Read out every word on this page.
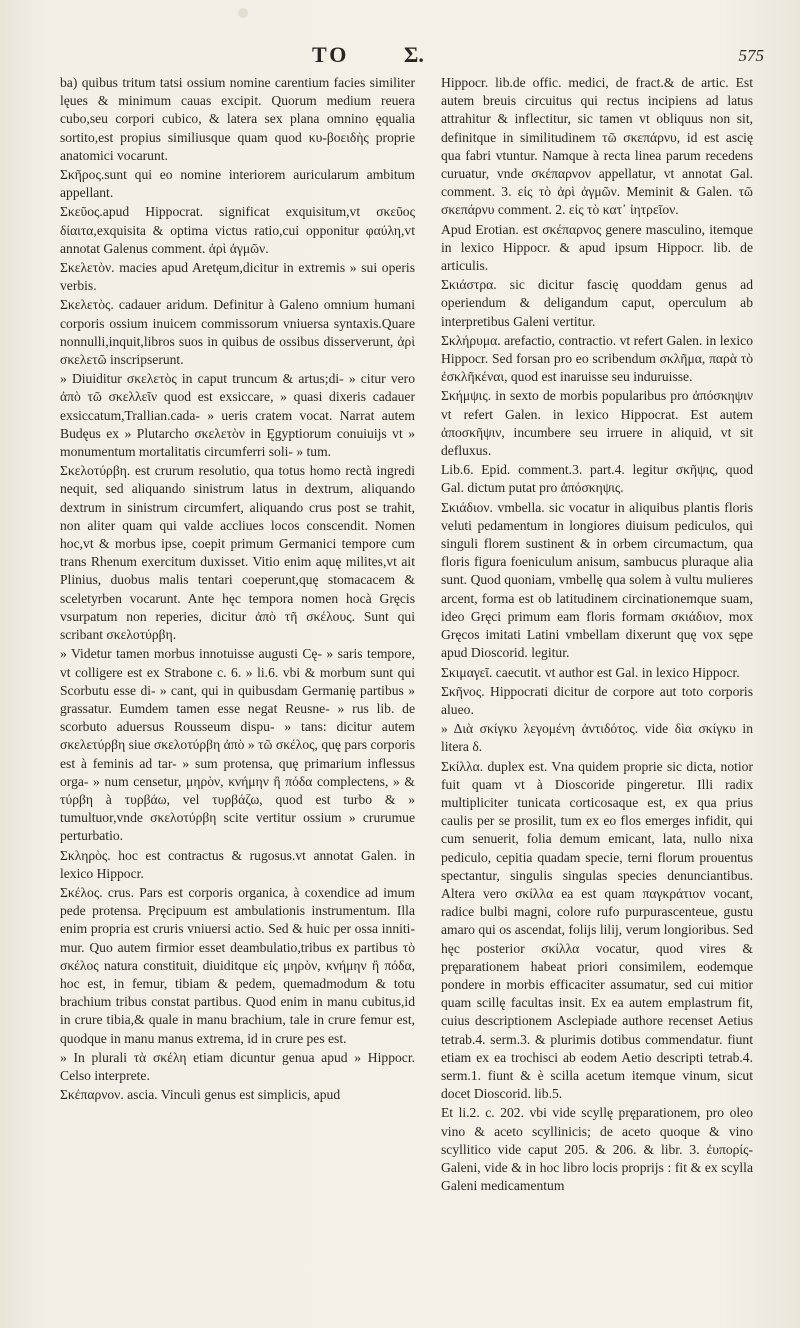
TO Σ.	575

ba) quibus tritum tatsi ossium nomine carentium facies similiter lęues & minimum cauas excipit. Quorum medium reuera cubo,seu corpori cubico, & latera sex plana omnino ęqualia sortito,est propius similiusque quam quod κυ-βοειδὴς proprie anatomici vocarunt.

Σκῆρος.sunt qui eo nomine interiorem auricularum ambitum appellant.

Σκεῦος.apud Hippocrat. significat exquisitum,vt σκεῦος δίαιτα,exquisita & optima victus ratio,cui opponitur φαύλη,vt annotat Galenus comment. ἀρὶ ἀγμῶν.

Σκελετὸν. macies apud Aretęum,dicitur in extremis » sui operis verbis.

Σκελετὸς. cadauer aridum. Definitur à Galeno omnium humani corporis ossium inuicem commissorum vniuersa syntaxis.Quare nonnulli,inquit,libros suos in quibus de ossibus disserverunt, ἀρὶ σκελετῶ inscripserunt.

» Diuiditur σκελετὸς in caput truncum & artus;di- » citur vero ἀπὸ τῶ σκελλεῖν quod est exsiccare, » quasi dixeris cadauer exsiccatum,Trallian.cada- » ueris cratem vocat. Narrat autem Budęus ex » Plutarcho σκελετὸν in Ęgyptiorum conuiuijs vt » monumentum mortalitatis circumferri soli- » tum.

Σκελοτύρβη. est crurum resolutio, qua totus homo rectà ingredi nequit, sed aliquando sinistrum latus in dextrum, aliquando dextrum in sinistrum circumfert, aliquando crus post se trahit, non aliter quam qui valde accliues locos conscendit. Nomen hoc,vt & morbus ipse, coepit primum Germanici tempore cum trans Rhenum exercitum duxisset. Vitio enim aquę milites,vt ait Plinius, duobus malis tentari coeperunt,quę stomacacem & sceletyrben vocarunt. Ante hęc tempora nomen hocà Gręcis vsurpatum non reperies, dicitur ἀπὸ τῆ σκέλους. Sunt qui scribant σκελοτύρβη.

» Videtur tamen morbus innotuisse augusti Cę- » saris tempore, vt colligere est ex Strabone c. 6. » li.6. vbi & morbum sunt qui Scorbutu esse di- » cant, qui in quibusdam Germanię partibus » grassatur. Eumdem tamen esse negat Reusne- » rus lib. de scorbuto aduersus Rousseum dispu- » tans: dicitur autem σκελετύρβη siue σκελοτύρβη ἀπὸ » τῶ σκέλος, quę pars corporis est à feminis ad tar- » sum protensa, quę primarium inflessus orga- » num censetur, μηρὸν, κνήμην ἢ πόδα complectens, » & τύρβη à τυρβάω, vel τυρβάζω, quod est turbo & » tumultuor,vnde σκελοτύρβη scite vertitur ossium » crurumue perturbatio.

Σκληρὸς. hoc est contractus & rugosus.vt annotat Galen. in lexico Hippocr.

Σκέλος. crus. Pars est corporis organica, à coxendice ad imum pede protensa. Pręcipuum est ambulationis instrumentum. Illa enim propria est cruris vniuersi actio. Sed & huic per ossa inniti-mur. Quo autem firmior esset deambulatio,tribus ex partibus τὸ σκέλος natura constituit, diuiditque εἰς μηρὸν, κνήμην ἢ πόδα, hoc est, in femur, tibiam & pedem, quemadmodum & totu brachium tribus constat partibus. Quod enim in manu cubitus,id in crure tibia,& quale in manu brachium, tale in crure femur est, quodque in manu manus extrema, id in crure pes est.

» In plurali τὰ σκέλη etiam dicuntur genua apud » Hippocr. Celso interprete.

Σκέπαρνον. ascia. Vinculi genus est simplicis, apud

Hippocr. lib.de offic. medici, de fract.& de artic. Est autem breuis circuitus qui rectus incipiens ad latus attrahitur & inflectitur, sic tamen vt obliquus non sit, definitque in similitudinem τῶ σκεπάρνυ, id est ascię qua fabri vtuntur. Namque à recta linea parum recedens curuatur, vnde σκέπαρνον appellatur, vt annotat Gal. comment. 3. εἰς τὸ ἀρὶ ἀγμῶν. Meminit & Galen. τῶ σκεπάρνυ comment. 2. εἰς τὸ κατ᾽ ἰητρεῖον.

Apud Erotian. est σκέπαρνος genere masculino, itemque in lexico Hippocr. & apud ipsum Hippocr. lib. de articulis.

Σκιάστρα. sic dicitur fascię quoddam genus ad operiendum & deligandum caput, operculum ab interpretibus Galeni vertitur.

Σκλήρυμα. arefactio, contractio. vt refert Galen. in lexico Hippocr. Sed forsan pro eo scribendum σκλῆμα, παρὰ τὸ ἐσκλῆκέναι, quod est inaruisse seu induruisse.

Σκήμψις. in sexto de morbis popularibus pro ἀπόσκηψιν vt refert Galen. in lexico Hippocrat. Est autem ἀποσκῆψιν, incumbere seu irruere in aliquid, vt sit defluxus.

Lib.6. Epid. comment.3. part.4. legitur σκῆψις, quod Gal. dictum putat pro ἀπόσκηψις.

Σκιάδιον. vmbella. sic vocatur in aliquibus plantis floris veluti pedamentum in longiores diuisum pediculos, qui singuli florem sustinent & in orbem circumactum, qua floris figura foeniculum anisum, sambucus pluraque alia sunt. Quod quoniam, vmbellę qua solem à vultu mulieres arcent, forma est ob latitudinem circinationemque suam, ideo Gręci primum eam floris formam σκιάδιον, mox Gręcos imitati Latini vmbellam dixerunt quę vox sępe apud Dioscorid. legitur.

Σκιμαγεῖ. caecutit. vt author est Gal. in lexico Hippocr.

Σκῆνος. Hippocrati dicitur de corpore aut toto corporis alueo.

» Διὰ σκίγκυ λεγομένη ἀντιδότος. vide δὶα σκίγκυ in litera δ.

Σκίλλα. duplex est. Vna quidem proprie sic dicta, notior fuit quam vt à Dioscoride pingeretur. Illi radix multipliciter tunicata corticosaque est, ex qua prius caulis per se prosilit, tum ex eo flos emerges infidit, qui cum senuerit, folia demum emicant, lata, nullo nixa pediculo, cepitia quadam specie, terni florum prouentus spectantur, singulis singulas species denunciantibus. Altera vero σκίλλα ea est quam παγκράτιον vocant, radice bulbi magni, colore rufo purpurascenteue, gustu amaro qui os ascendat, folijs lilij, verum longioribus. Sed hęc posterior σκίλλα vocatur, quod vires & pręparationem habeat priori consimilem, eodemque pondere in morbis efficaciter assumatur, sed cui mitior quam scillę facultas insit. Ex ea autem emplastrum fit, cuius descriptionem Asclepiade authore recenset Aetius tetrab.4. serm.3. & plurimis dotibus commendatur. fiunt etiam ex ea trochisci ab eodem Aetio descripti tetrab.4. serm.1. fiunt & è scilla acetum itemque vinum, sicut docet Dioscorid. lib.5.

Et li.2. c. 202. vbi vide scyllę pręparationem, pro oleo vino & aceto scyllinicis; de aceto quoque & vino scyllitico vide caput 205. & 206. & libr. 3. ἐυπορίς- Galeni, vide & in hoc libro locis proprijs : fit & ex scylla Galeni medicamentum
